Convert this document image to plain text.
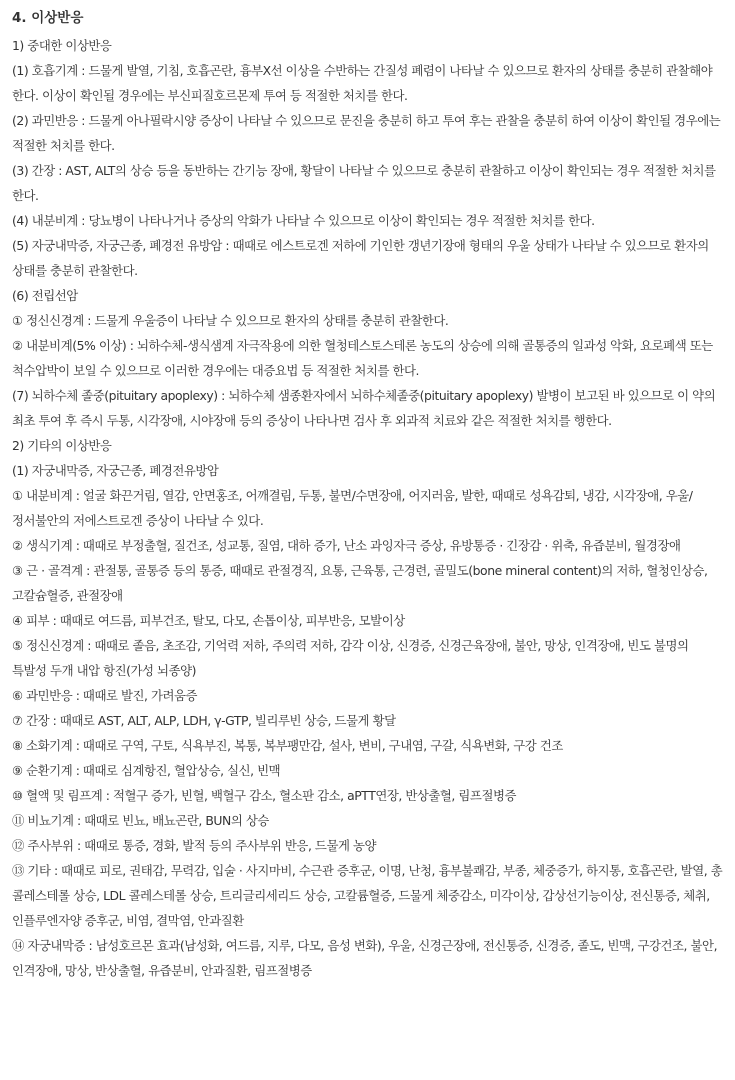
4. 이상반응

1) 중대한 이상반응

(1) 호흡기계 : 드물게 발열, 기침, 호흡곤란, 흉부X선 이상을 수반하는 간질성 폐렴이 나타날 수 있으므로 환자의 상태를 충분히 관찰해야 한다. 이상이 확인될 경우에는 부신피질호르몬제 투여 등 적절한 처치를 한다.

(2) 과민반응 : 드물게 아나필락시양 증상이 나타날 수 있으므로 문진을 충분히 하고 투여 후는 관찰을 충분히 하여 이상이 확인될 경우에는 적절한 처치를 한다.

(3) 간장 : AST, ALT의 상승 등을 동반하는 간기능 장애, 황달이 나타날 수 있으므로 충분히 관찰하고 이상이 확인되는 경우 적절한 처치를 한다.

(4) 내분비계 : 당뇨병이 나타나거나 증상의 악화가 나타날 수 있으므로 이상이 확인되는 경우 적절한 처치를 한다.

(5) 자궁내막증, 자궁근종, 폐경전 유방암 : 때때로 에스트로겐 저하에 기인한 갱년기장애 형태의 우울 상태가 나타날 수 있으므로 환자의 상태를 충분히 관찰한다.

(6) 전립선암

① 정신신경계 : 드물게 우울증이 나타날 수 있으므로 환자의 상태를 충분히 관찰한다.

② 내분비계(5% 이상) : 뇌하수체-생식샘계 자극작용에 의한 혈청테스토스테론 농도의 상승에 의해 골통증의 일과성 악화, 요로폐색 또는 척수압박이 보일 수 있으므로 이러한 경우에는 대증요법 등 적절한 처치를 한다.

(7) 뇌하수체 졸중(pituitary apoplexy) : 뇌하수체 샘종환자에서 뇌하수체졸중(pituitary apoplexy) 발병이 보고된 바 있으므로 이 약의 최초 투여 후 즉시 두통, 시각장애, 시야장애 등의 증상이 나타나면 검사 후 외과적 치료와 같은 적절한 처치를 행한다.

2) 기타의 이상반응

(1) 자궁내막증, 자궁근종, 폐경전유방암

① 내분비계 : 얼굴 화끈거림, 열감, 안면홍조, 어깨결림, 두통, 불면/수면장애, 어지러움, 발한, 때때로 성욕감퇴, 냉감, 시각장애, 우울/정서불안의 저에스트로겐 증상이 나타날 수 있다.

② 생식기계 : 때때로 부정출혈, 질건조, 성교통, 질염, 대하 증가, 난소 과잉자극 증상, 유방통증 · 긴장감 · 위축, 유즙분비, 월경장애

③ 근 · 골격계 : 관절통, 골통증 등의 통증, 때때로 관절경직, 요통, 근육통, 근경련, 골밀도(bone mineral content)의 저하, 혈청인상승, 고칼슘혈증, 관절장애

④ 피부 : 때때로 여드름, 피부건조, 탈모, 다모, 손톱이상, 피부반응, 모발이상

⑤ 정신신경계 : 때때로 졸음, 초조감, 기억력 저하, 주의력 저하, 감각 이상, 신경증, 신경근육장애, 불안, 망상, 인격장애, 빈도 불명의 특발성 두개 내압 항진(가성 뇌종양)

⑥ 과민반응 : 때때로 발진, 가려움증

⑦ 간장 : 때때로 AST, ALT, ALP, LDH, γ-GTP, 빌리루빈 상승, 드물게 황달

⑧ 소화기계 : 때때로 구역, 구토, 식욕부진, 복통, 복부팽만감, 설사, 변비, 구내염, 구갈, 식욕변화, 구강 건조

⑨ 순환기계 : 때때로 심계항진, 혈압상승, 실신, 빈맥

⑩ 혈액 및 림프계 : 적혈구 증가, 빈혈, 백혈구 감소, 혈소판 감소, aPTT연장, 반상출혈, 림프절병증

⑪ 비뇨기계 : 때때로 빈뇨, 배뇨곤란, BUN의 상승

⑫ 주사부위 : 때때로 통증, 경화, 발적 등의 주사부위 반응, 드물게 농양

⑬ 기타 : 때때로 피로, 권태감, 무력감, 입술 · 사지마비, 수근관 증후군, 이명, 난청, 흉부불쾌감, 부종, 체중증가, 하지통, 호흡곤란, 발열, 총 콜레스테롤 상승, LDL 콜레스테롤 상승, 트리글리세리드 상승, 고칼륨혈증, 드물게 체중감소, 미각이상, 갑상선기능이상, 전신통증, 체취, 인플루엔자양 증후군, 비염, 결막염, 안과질환

⑭ 자궁내막증 : 남성호르몬 효과(남성화, 여드름, 지루, 다모, 음성 변화), 우울, 신경근장애, 전신통증, 신경증, 졸도, 빈맥, 구강건조, 불안, 인격장애, 망상, 반상출혈, 유즙분비, 안과질환, 림프절병증
